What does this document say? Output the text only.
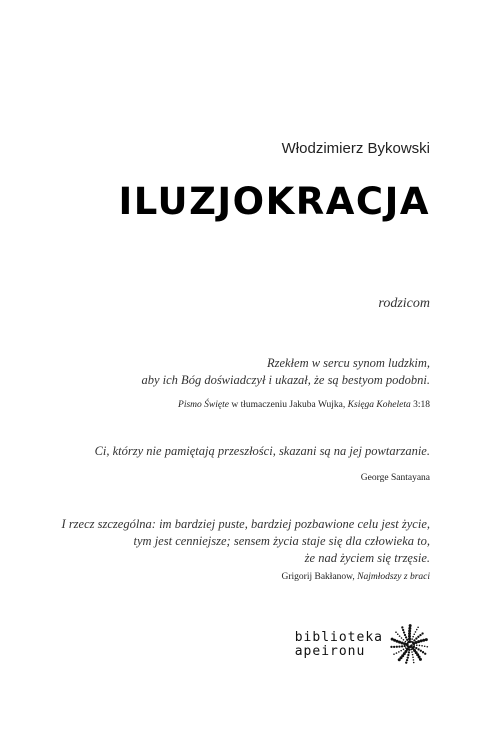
Włodzimierz Bykowski
ILUZJOKRACJA
rodzicom
Rzekłem w sercu synom ludzkim,
aby ich Bóg doświadczył i ukazał, że są bestyom podobni.
Pismo Święte w tłumaczeniu Jakuba Wujka, Księga Koheleta 3:18
Ci, którzy nie pamiętają przeszłości, skazani są na jej powtarzanie.
George Santayana
I rzecz szczególna: im bardziej puste, bardziej pozbawione celu jest życie,
tym jest cenniejsze; sensem życia staje się dla człowieka to,
że nad życiem się trzęsie.
Grigorij Bakłanow, Najmłodszy z braci
biblioteka
apeironu
